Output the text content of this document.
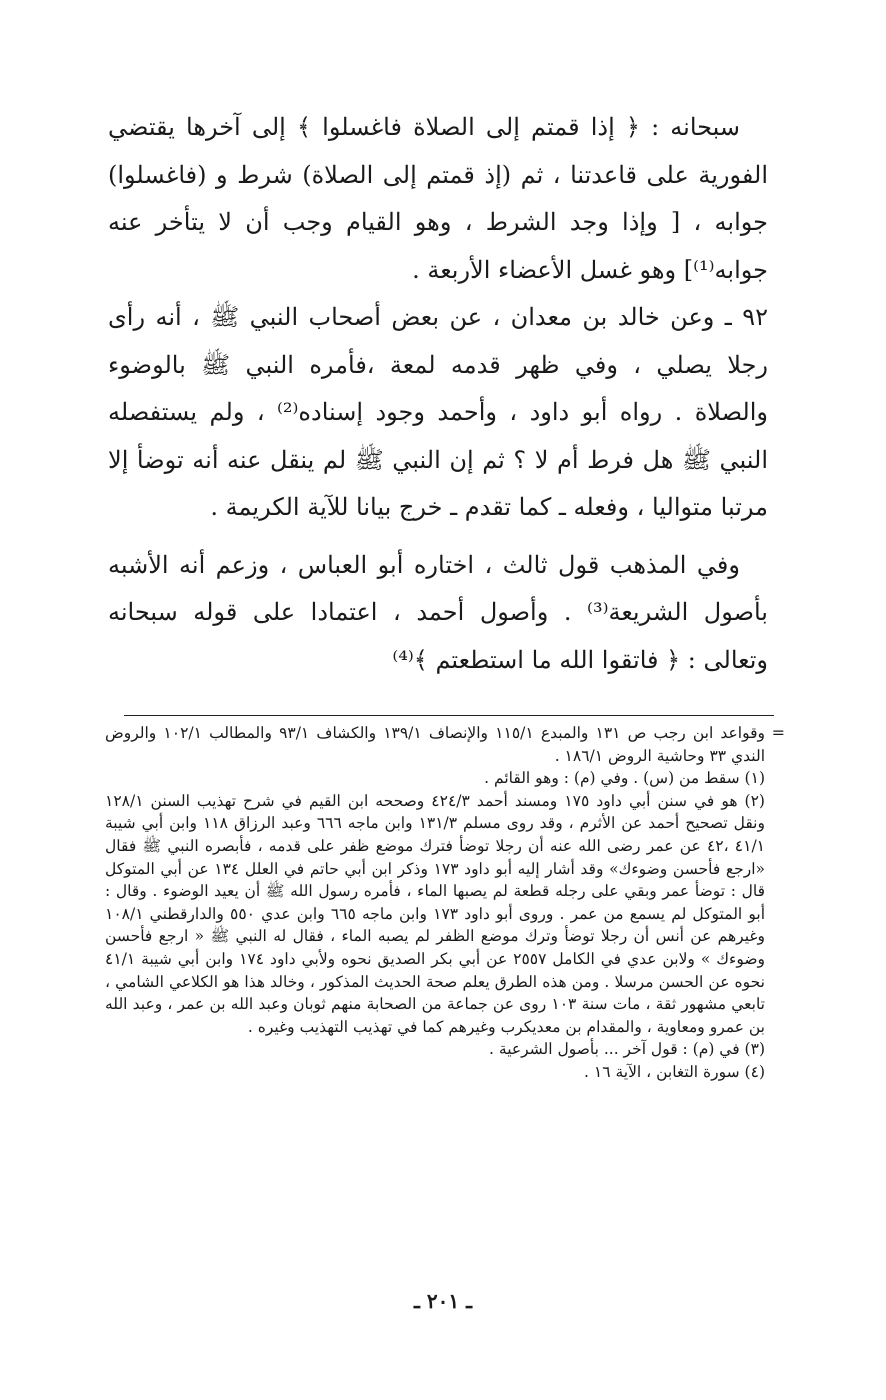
سبحانه : ﴿ إذا قمتم إلى الصلاة فاغسلوا ﴾ إلى آخرها يقتضي الفورية على قاعدتنا ، ثم (إذ قمتم إلى الصلاة) شرط و (فاغسلوا) جوابه ، [ وإذا وجد الشرط ، وهو القيام وجب أن لا يتأخر عنه جوابه⁽¹⁾] وهو غسل الأعضاء الأربعة .

٩٢ ـ وعن خالد بن معدان ، عن بعض أصحاب النبي ﷺ ، أنه رأى رجلا يصلي ، وفي ظهر قدمه لمعة ،فأمره النبي ﷺ بالوضوء والصلاة . رواه أبو داود ، وأحمد وجود إسناده⁽²⁾ ، ولم يستفصله النبي ﷺ هل فرط أم لا ؟ ثم إن النبي ﷺ لم ينقل عنه أنه توضأ إلا مرتبا متواليا ، وفعله ـ كما تقدم ـ خرج بيانا للآية الكريمة .

وفي المذهب قول ثالث ، اختاره أبو العباس ، وزعم أنه الأشبه بأصول الشريعة⁽³⁾ . وأصول أحمد ، اعتمادا على قوله سبحانه وتعالى : ﴿ فاتقوا الله ما استطعتم ﴾⁽⁴⁾

=

وقواعد ابن رجب ص ١٣١ والمبدع ١١٥/١ والإنصاف ١٣٩/١ والكشاف ٩٣/١ والمطالب ١٠٢/١ والروض الندي ٣٣ وحاشية الروض ١٨٦/١ .

(١) سقط من (س) . وفي (م) : وهو القائم .

(٢) هو في سنن أبي داود ١٧٥ ومسند أحمد ٤٢٤/٣ وصححه ابن القيم في شرح تهذيب السنن ١٢٨/١ ونقل تصحيح أحمد عن الأثرم ، وقد روى مسلم ١٣١/٣ وابن ماجه ٦٦٦ وعبد الرزاق ١١٨ وابن أبي شيبة ٤١/١ ،٤٢ عن عمر رضى الله عنه أن رجلا توضأ فترك موضع ظفر على قدمه ، فأبصره النبي ﷺ فقال «ارجع فأحسن وضوءك» وقد أشار إليه أبو داود ١٧٣ وذكر ابن أبي حاتم في العلل ١٣٤ عن أبي المتوكل قال : توضأ عمر وبقي على رجله قطعة لم يصبها الماء ، فأمره رسول الله ﷺ أن يعيد الوضوء . وقال : أبو المتوكل لم يسمع من عمر . وروى أبو داود ١٧٣ وابن ماجه ٦٦٥ وابن عدي ٥٥٠ والدارقطني ١٠٨/١ وغيرهم عن أنس أن رجلا توضأ وترك موضع الظفر لم يصبه الماء ، فقال له النبي ﷺ « ارجع فأحسن وضوءك » ولابن عدي في الكامل ٢٥٥٧ عن أبي بكر الصديق نحوه ولأبي داود ١٧٤ وابن أبي شيبة ٤١/١ نحوه عن الحسن مرسلا . ومن هذه الطرق يعلم صحة الحديث المذكور ، وخالد هذا هو الكلاعي الشامي ، تابعي مشهور ثقة ، مات سنة ١٠٣ روى عن جماعة من الصحابة منهم ثوبان وعبد الله بن عمر ، وعبد الله بن عمرو ومعاوية ، والمقدام بن معديكرب وغيرهم كما في تهذيب التهذيب وغيره .

(٣) في (م) : قول آخر ... بأصول الشرعية .

(٤) سورة التغابن ، الآية ١٦ .

ـ ٢٠١ ـ
